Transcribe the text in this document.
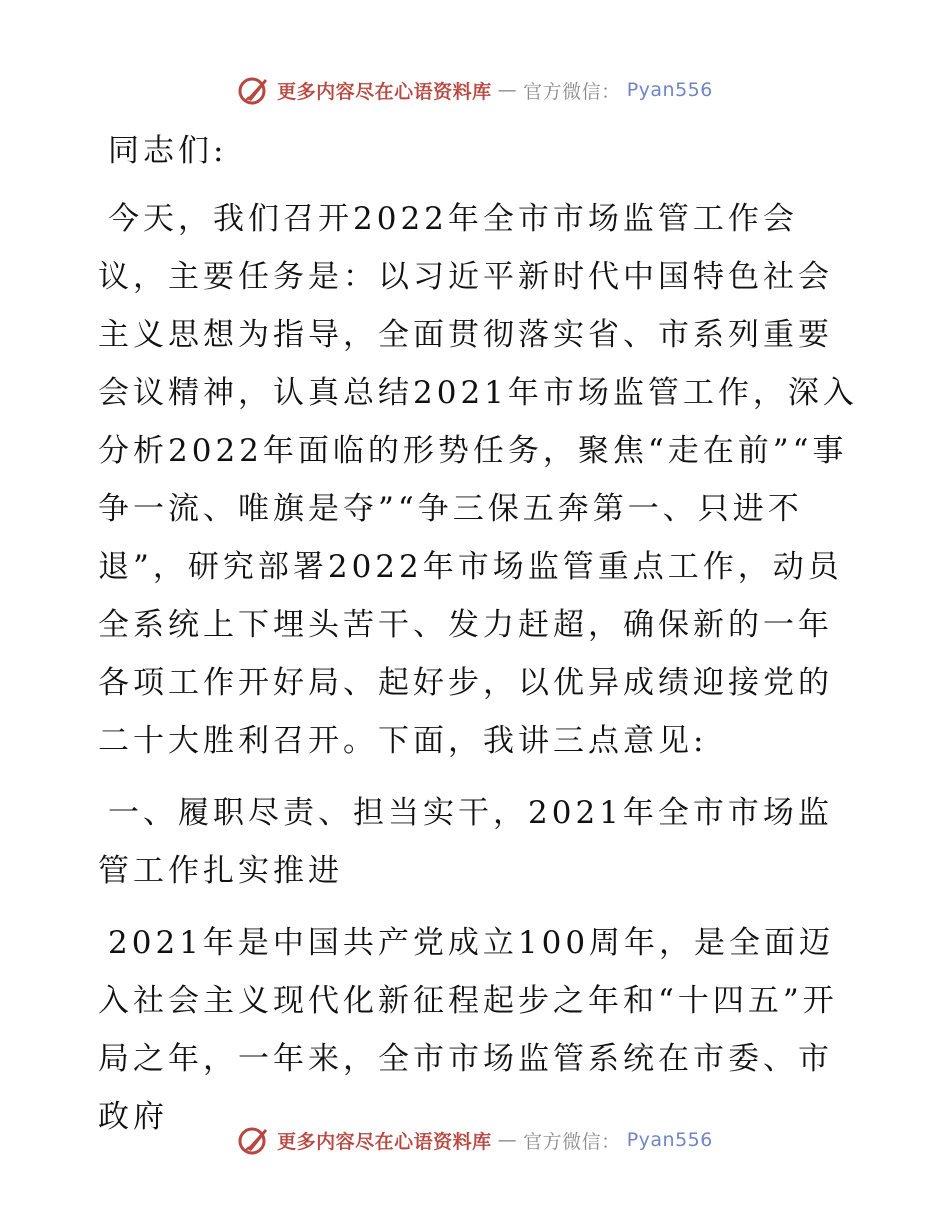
更多内容尽在心语资料库 — 官方微信： Pyan556

同志们:

今天，我们召开2022年全市市场监管工作会议，主要任务是：以习近平新时代中国特色社会主义思想为指导，全面贯彻落实省、市系列重要会议精神，认真总结2021年市场监管工作，深入分析2022年面临的形势任务，聚焦“走在前”“事争一流、唯旗是夺”“争三保五奔第一、只进不退”，研究部署2022年市场监管重点工作，动员全系统上下埋头苦干、发力赶超，确保新的一年各项工作开好局、起好步，以优异成绩迎接党的二十大胜利召开。下面，我讲三点意见:

一、履职尽责、担当实干，2021年全市市场监管工作扎实推进

2021年是中国共产党成立100周年，是全面迈入社会主义现代化新征程起步之年和“十四五”开局之年，一年来，全市市场监管系统在市委、市政府

更多内容尽在心语资料库 — 官方微信： Pyan556
